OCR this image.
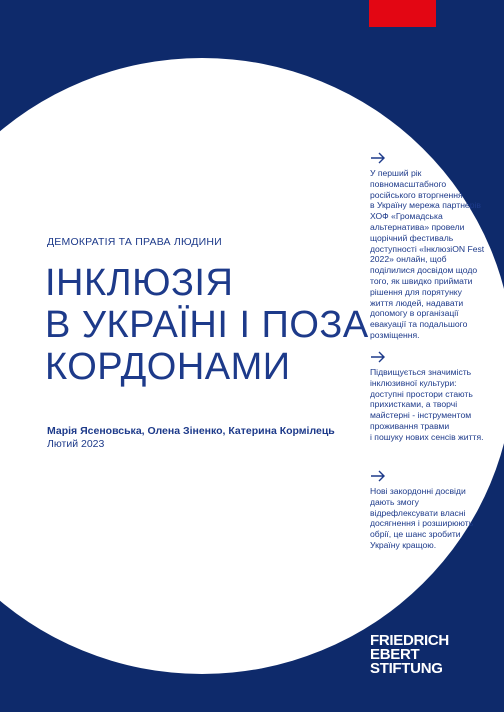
ДЕМОКРАТІЯ ТА ПРАВА ЛЮДИНИ
ІНКЛЮЗІЯ
В УКРАЇНІ І ПОЗА
КОРДОНАМИ
Марія Ясеновська, Олена Зіненко, Катерина Кормілець
Лютий 2023

У перший рік
повномасштабного
російського вторгнення
в Україну мережа партнерів
ХОФ «Громадська
альтернатива» провели
щорічний фестиваль
доступності «ІнклюзіON Fest
2022» онлайн, щоб
поділилися досвідом щодо
того, як швидко приймати
рішення для порятунку
життя людей, надавати
допомогу в організації
евакуації та подальшого
розміщення.

Підвищується значимість
інклюзивної культури:
доступні простори стають
прихистками, а творчі
майстерні - інструментом
проживання травми
і пошуку нових сенсів життя.

Нові закордонні досвіди
дають змогу
відрефлексувати власні
досягнення і розширюють
обрії, це шанс зробити
Україну кращою.

FRIEDRICH
EBERT
STIFTUNG
